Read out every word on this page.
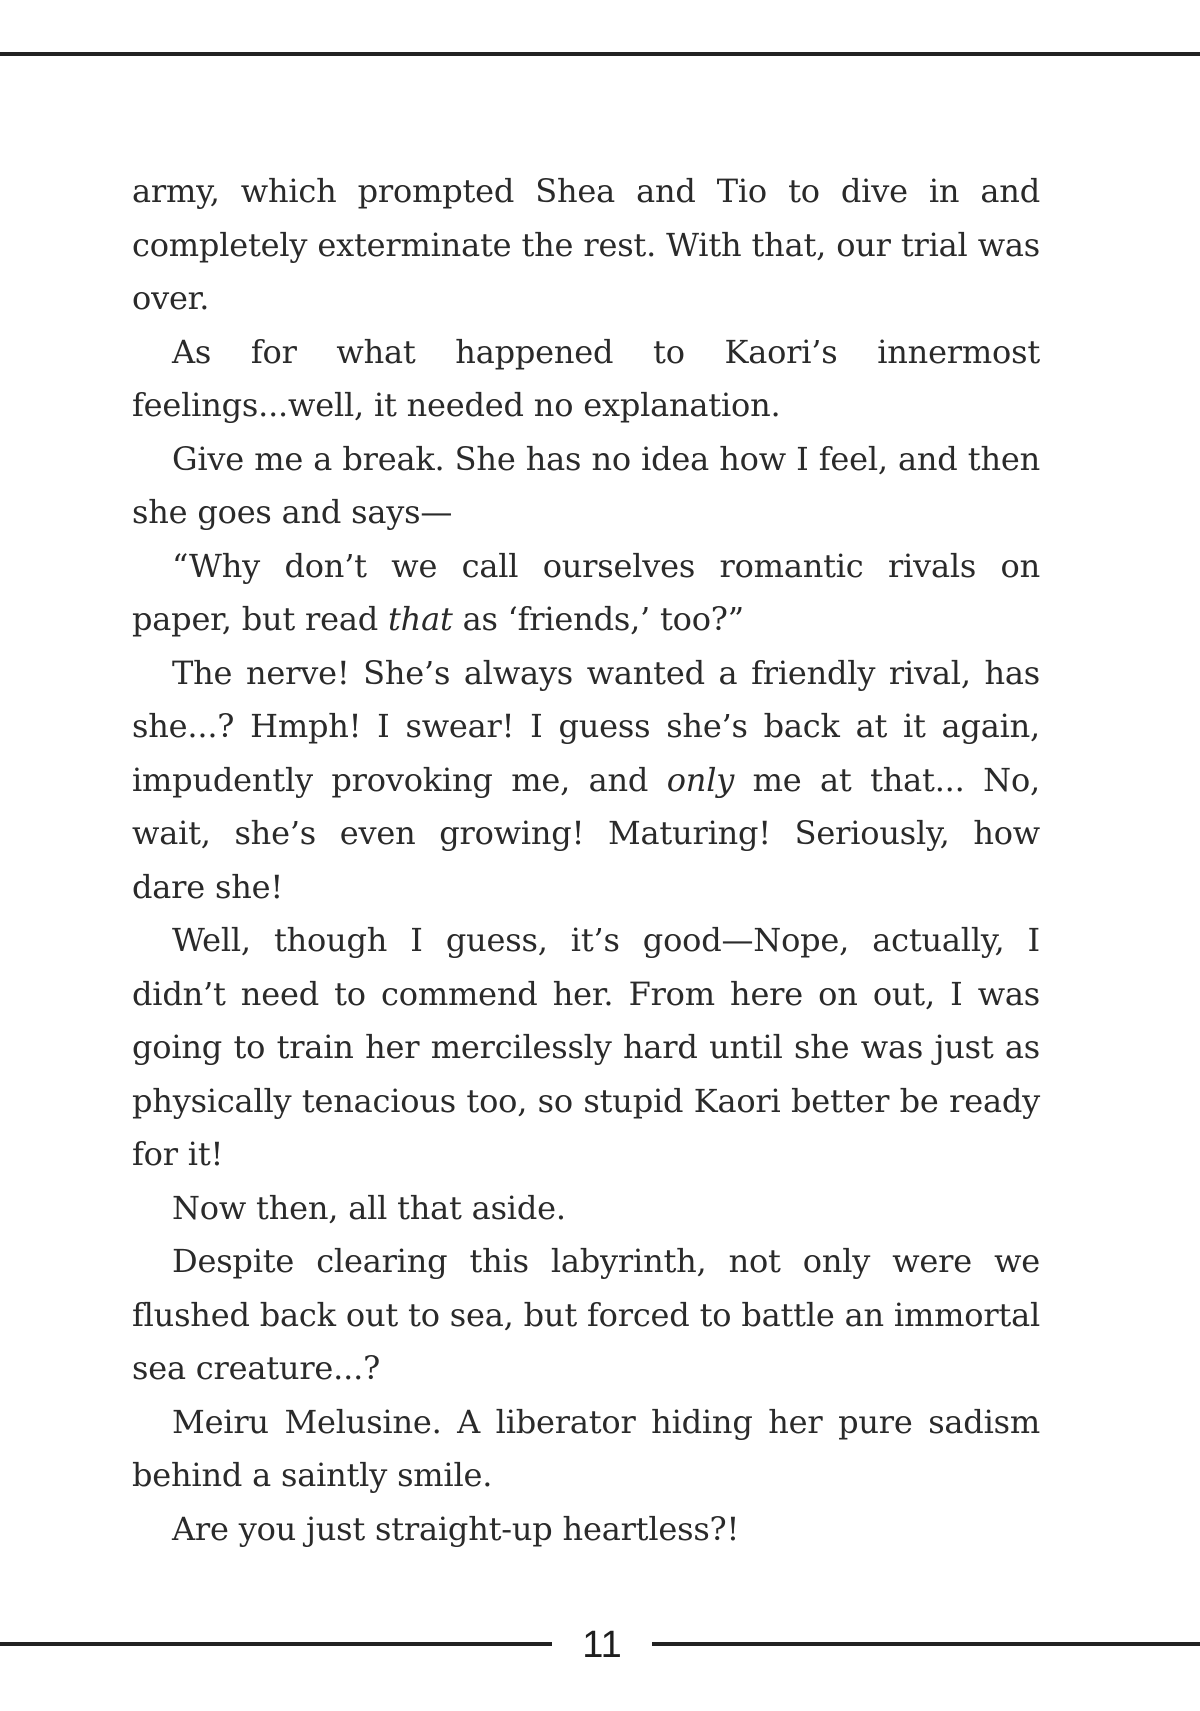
army, which prompted Shea and Tio to dive in and completely exterminate the rest. With that, our trial was over.

As for what happened to Kaori’s innermost feelings...well, it needed no explanation.

Give me a break. She has no idea how I feel, and then she goes and says—

“Why don’t we call ourselves romantic rivals on paper, but read that as ‘friends,’ too?”

The nerve! She’s always wanted a friendly rival, has she...? Hmph! I swear! I guess she’s back at it again, impudently provoking me, and only me at that... No, wait, she’s even growing! Maturing! Seriously, how dare she!

Well, though I guess, it’s good—Nope, actually, I didn’t need to commend her. From here on out, I was going to train her mercilessly hard until she was just as physically tenacious too, so stupid Kaori better be ready for it!

Now then, all that aside.

Despite clearing this labyrinth, not only were we flushed back out to sea, but forced to battle an immortal sea creature...?

Meiru Melusine. A liberator hiding her pure sadism behind a saintly smile.

Are you just straight-up heartless?!

11
